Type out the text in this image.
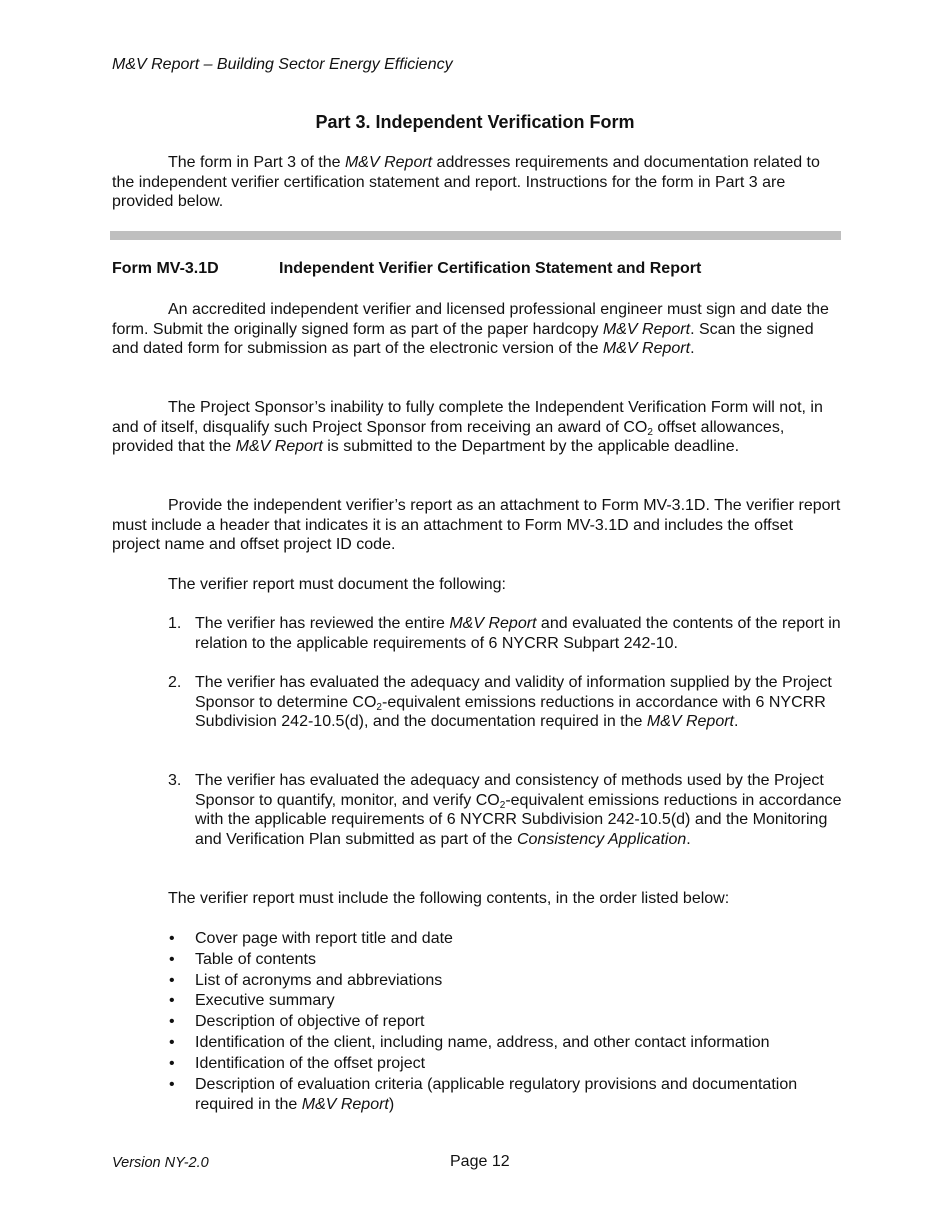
M&V Report – Building Sector Energy Efficiency
Part 3. Independent Verification Form

The form in Part 3 of the M&V Report addresses requirements and documentation related to the independent verifier certification statement and report. Instructions for the form in Part 3 are provided below.

Form MV-3.1D	Independent Verifier Certification Statement and Report

An accredited independent verifier and licensed professional engineer must sign and date the form. Submit the originally signed form as part of the paper hardcopy M&V Report. Scan the signed and dated form for submission as part of the electronic version of the M&V Report.

The Project Sponsor’s inability to fully complete the Independent Verification Form will not, in and of itself, disqualify such Project Sponsor from receiving an award of $CO_2$ offset allowances, provided that the M&V Report is submitted to the Department by the applicable deadline.

Provide the independent verifier’s report as an attachment to Form MV-3.1D. The verifier report must include a header that indicates it is an attachment to Form MV-3.1D and includes the offset project name and offset project ID code.

The verifier report must document the following:
1. The verifier has reviewed the entire M&V Report and evaluated the contents of the report in relation to the applicable requirements of 6 NYCRR Subpart 242-10.
2. The verifier has evaluated the adequacy and validity of information supplied by the Project Sponsor to determine $CO_2$-equivalent emissions reductions in accordance with 6 NYCRR Subdivision 242-10.5(d), and the documentation required in the M&V Report.
3. The verifier has evaluated the adequacy and consistency of methods used by the Project Sponsor to quantify, monitor, and verify $CO_2$-equivalent emissions reductions in accordance with the applicable requirements of 6 NYCRR Subdivision 242-10.5(d) and the Monitoring and Verification Plan submitted as part of the Consistency Application.
The verifier report must include the following contents, in the order listed below:
• Cover page with report title and date
• Table of contents
• List of acronyms and abbreviations
• Executive summary
• Description of objective of report
• Identification of the client, including name, address, and other contact information
• Identification of the offset project
• Description of evaluation criteria (applicable regulatory provisions and documentation required in the M&V Report)
Version NY-2.0	Page 12
